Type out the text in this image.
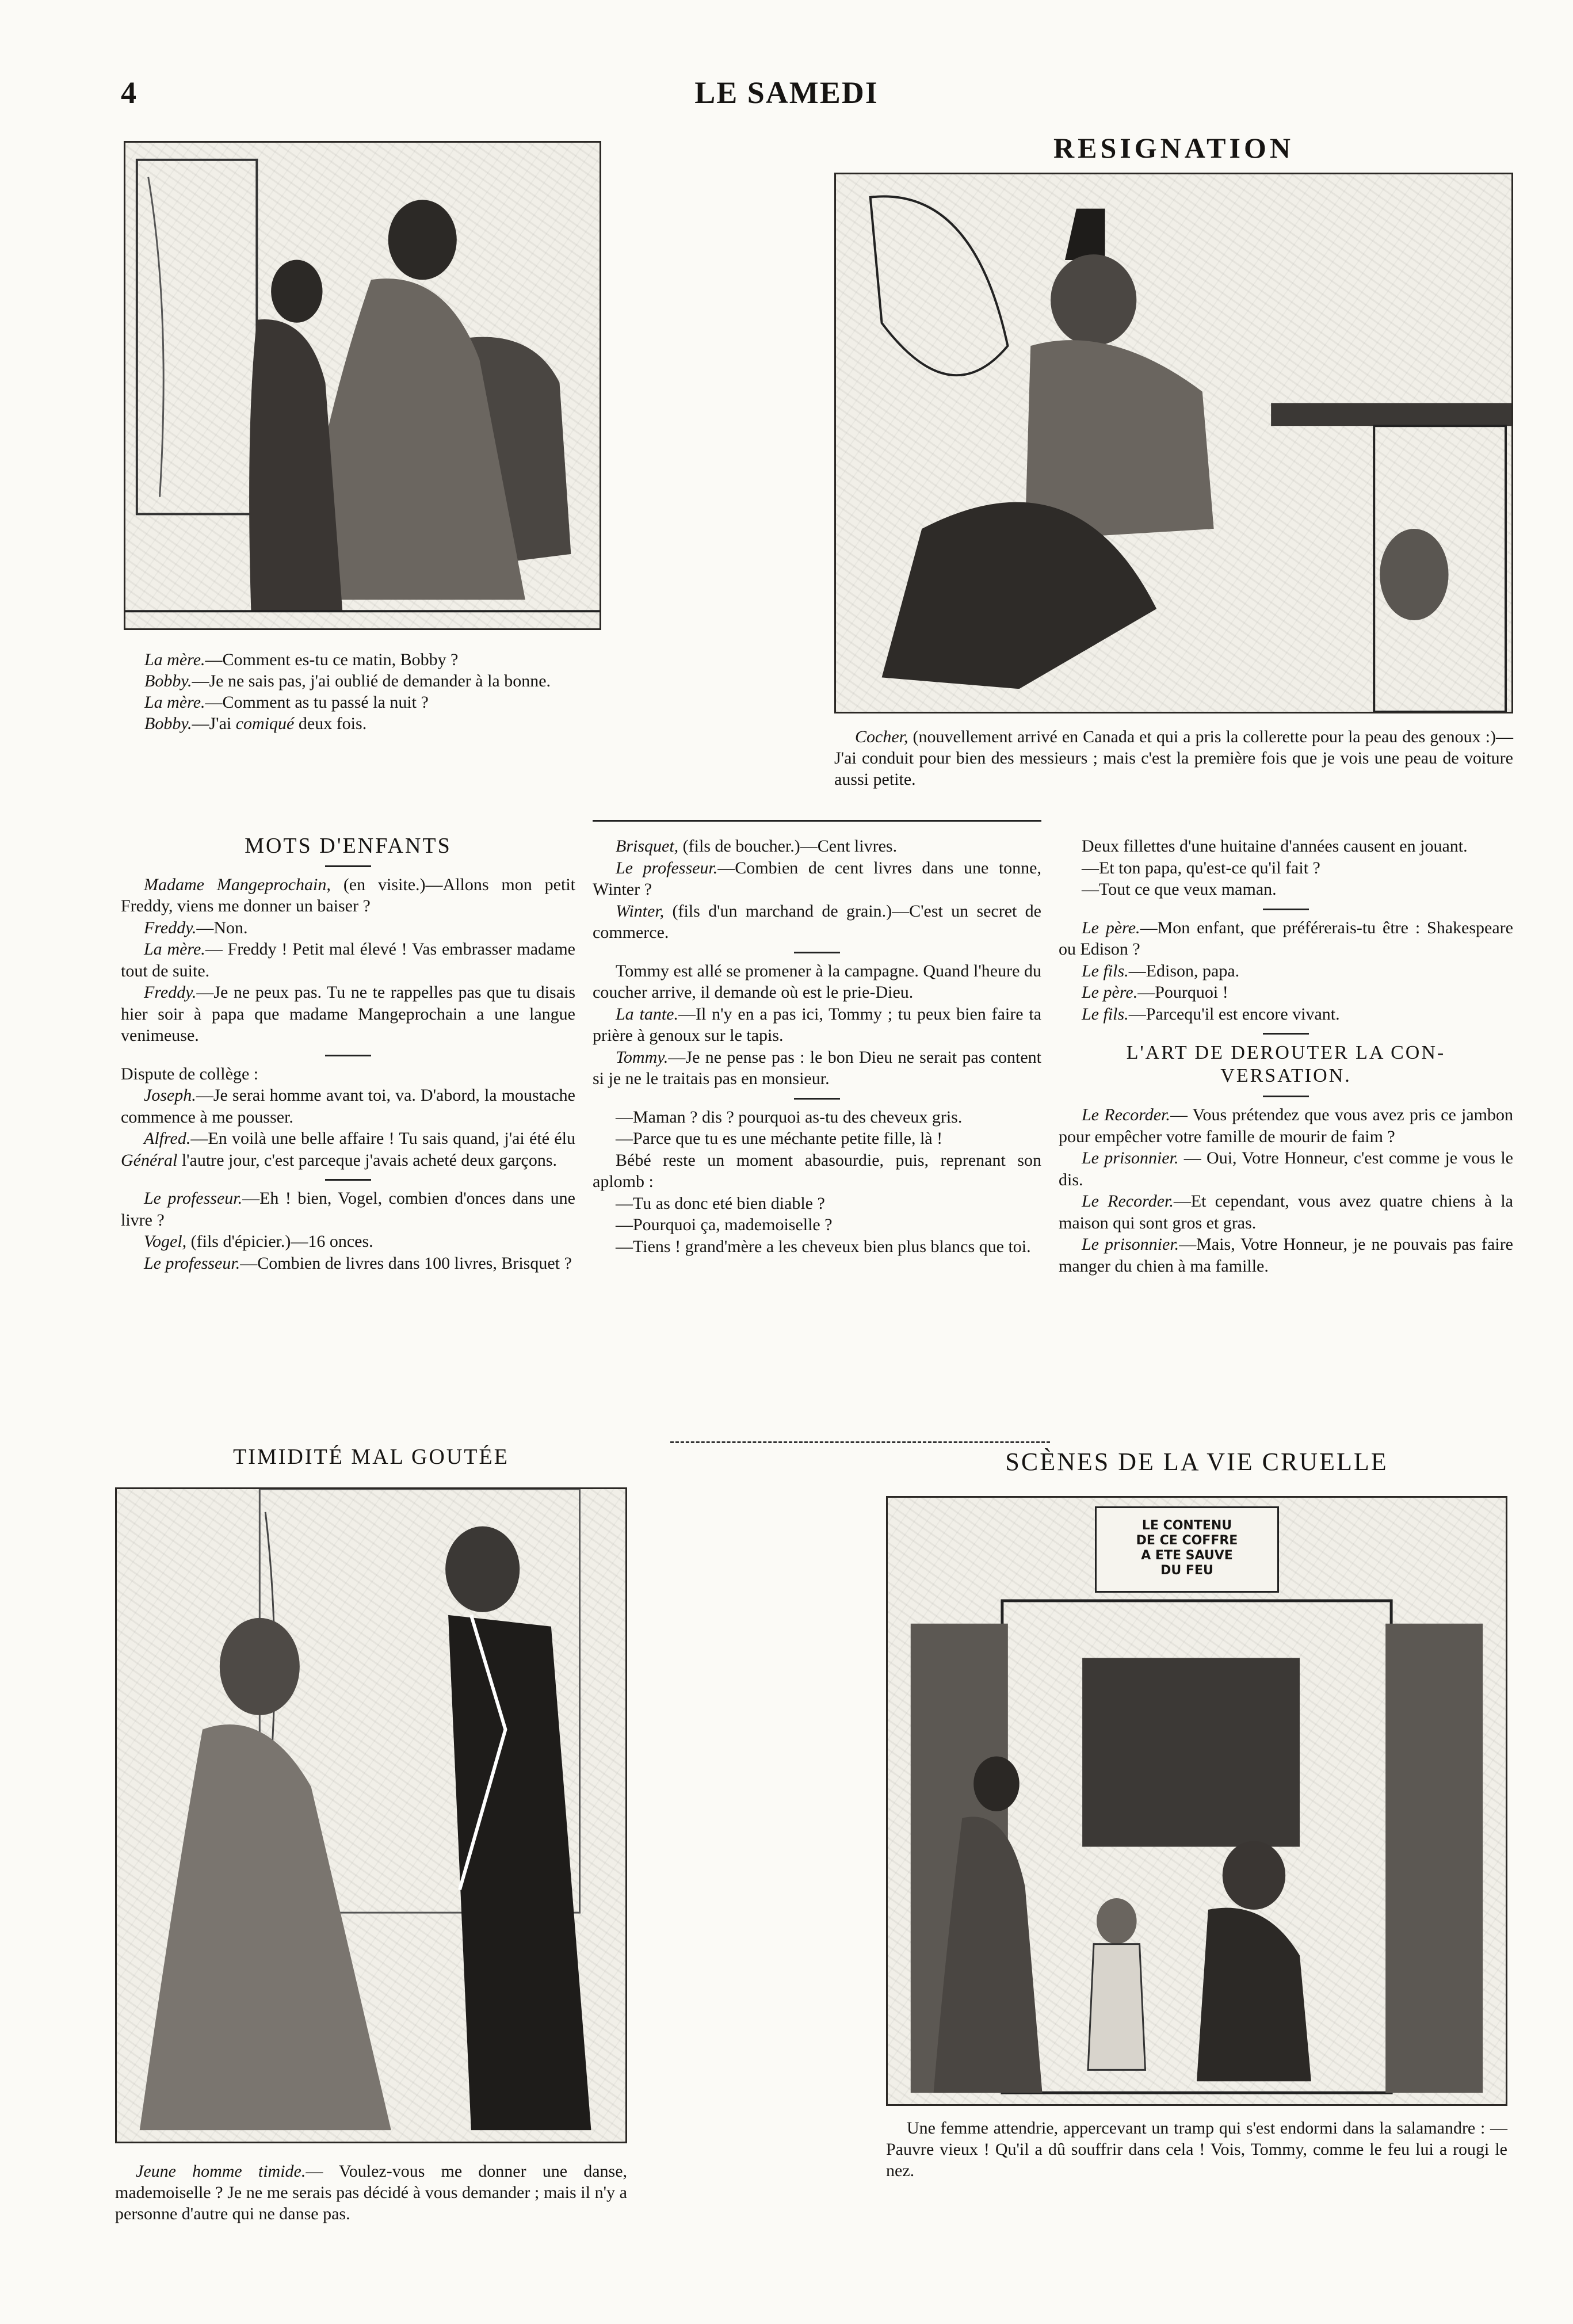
4	LE SAMEDI

La mère.—Comment es-tu ce matin, Bobby ?

Bobby.—Je ne sais pas, j'ai oublié de demander à la bonne.

La mère.—Comment as tu passé la nuit ?

Bobby.—J'ai comiqué deux fois.

RESIGNATION

Cocher, (nouvellement arrivé en Canada et qui a pris la collerette pour la peau des genoux :)—J'ai conduit pour bien des messieurs ; mais c'est la première fois que je vois une peau de voiture aussi petite.

MOTS D'ENFANTS

Madame Mangeprochain, (en visite.)—Allons mon petit Freddy, viens me donner un baiser ?

Freddy.—Non.

La mère.— Freddy ! Petit mal élevé ! Vas embrasser madame tout de suite.

Freddy.—Je ne peux pas. Tu ne te rappelles pas que tu disais hier soir à papa que madame Mangeprochain a une langue venimeuse.

Dispute de collège :

Joseph.—Je serai homme avant toi, va. D'abord, la moustache commence à me pousser.

Alfred.—En voilà une belle affaire ! Tu sais quand, j'ai été élu Général l'autre jour, c'est parceque j'avais acheté deux garçons.

Le professeur.—Eh ! bien, Vogel, combien d'onces dans une livre ?

Vogel, (fils d'épicier.)—16 onces.

Le professeur.—Combien de livres dans 100 livres, Brisquet ?

Brisquet, (fils de boucher.)—Cent livres.

Le professeur.—Combien de cent livres dans une tonne, Winter ?

Winter, (fils d'un marchand de grain.)—C'est un secret de commerce.

Tommy est allé se promener à la campagne. Quand l'heure du coucher arrive, il demande où est le prie-Dieu.

La tante.—Il n'y en a pas ici, Tommy ; tu peux bien faire ta prière à genoux sur le tapis.

Tommy.—Je ne pense pas : le bon Dieu ne serait pas content si je ne le traitais pas en monsieur.

—Maman ? dis ? pourquoi as-tu des cheveux gris.

—Parce que tu es une méchante petite fille, là !

Bébé reste un moment abasourdie, puis, reprenant son aplomb :

—Tu as donc eté bien diable ?

—Pourquoi ça, mademoiselle ?

—Tiens ! grand'mère a les cheveux bien plus blancs que toi.

Deux fillettes d'une huitaine d'années causent en jouant.

—Et ton papa, qu'est-ce qu'il fait ?

—Tout ce que veux maman.

Le père.—Mon enfant, que préférerais-tu être : Shakespeare ou Edison ?

Le fils.—Edison, papa.

Le père.—Pourquoi !

Le fils.—Parcequ'il est encore vivant.

L'ART DE DEROUTER LA CON-
VERSATION.

Le Recorder.— Vous prétendez que vous avez pris ce jambon pour empêcher votre famille de mourir de faim ?

Le prisonnier. — Oui, Votre Honneur, c'est comme je vous le dis.

Le Recorder.—Et cependant, vous avez quatre chiens à la maison qui sont gros et gras.

Le prisonnier.—Mais, Votre Honneur, je ne pouvais pas faire manger du chien à ma famille.

TIMIDITÉ MAL GOUTÉE

Jeune homme timide.— Voulez-vous me donner une danse, mademoiselle ? Je ne me serais pas décidé à vous demander ; mais il n'y a personne d'autre qui ne danse pas.

SCÈNES DE LA VIE CRUELLE
LE CONTENU
DE CE COFFRE
A ETE SAUVE
DU FEU

Une femme attendrie, appercevant un tramp qui s'est endormi dans la salamandre : —Pauvre vieux ! Qu'il a dû souffrir dans cela ! Vois, Tommy, comme le feu lui a rougi le nez.
